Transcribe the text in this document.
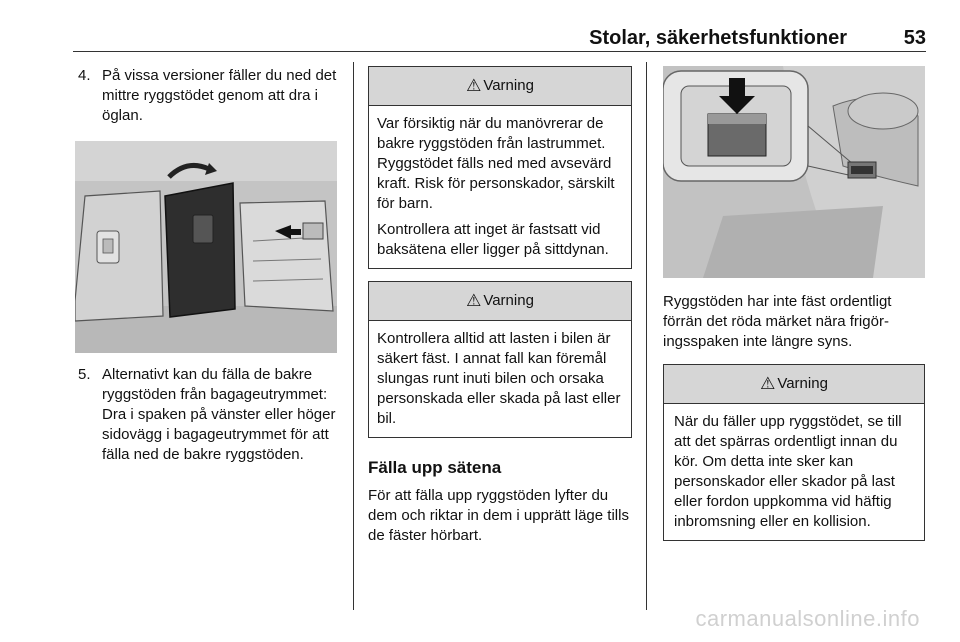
Stolar, säkerhetsfunktioner	53
4. På vissa versioner fäller du ned det mittre ryggstödet genom att dra i öglan.
5. Alternativt kan du fälla de bakre ryggstöden från bagageutrymmet: Dra i spaken på vänster eller höger sidovägg i bagageutrymmet för att fälla ned de bakre ryggstöden.
⚠ Varning

Var försiktig när du manövrerar de bakre ryggstöden från lastrummet. Ryggstödet fälls ned med avsevärd kraft. Risk för personskador, särskilt för barn.

Kontrollera att inget är fastsatt vid baksätena eller ligger på sittdynan.

⚠ Varning

Kontrollera alltid att lasten i bilen är säkert fäst. I annat fall kan föremål slungas runt inuti bilen och orsaka personskada eller skada på last eller bil.

Fälla upp sätena

För att fälla upp ryggstöden lyfter du dem och riktar in dem i upprätt läge tills de fäster hörbart.

Ryggstöden har inte fäst ordentligt förrän det röda märket nära frigöringsspaken inte längre syns.

⚠ Varning

När du fäller upp ryggstödet, se till att det spärras ordentligt innan du kör. Om detta inte sker kan personskador eller skador på last eller fordon uppkomma vid häftig inbromsning eller en kollision.

carmanualsonline.info
